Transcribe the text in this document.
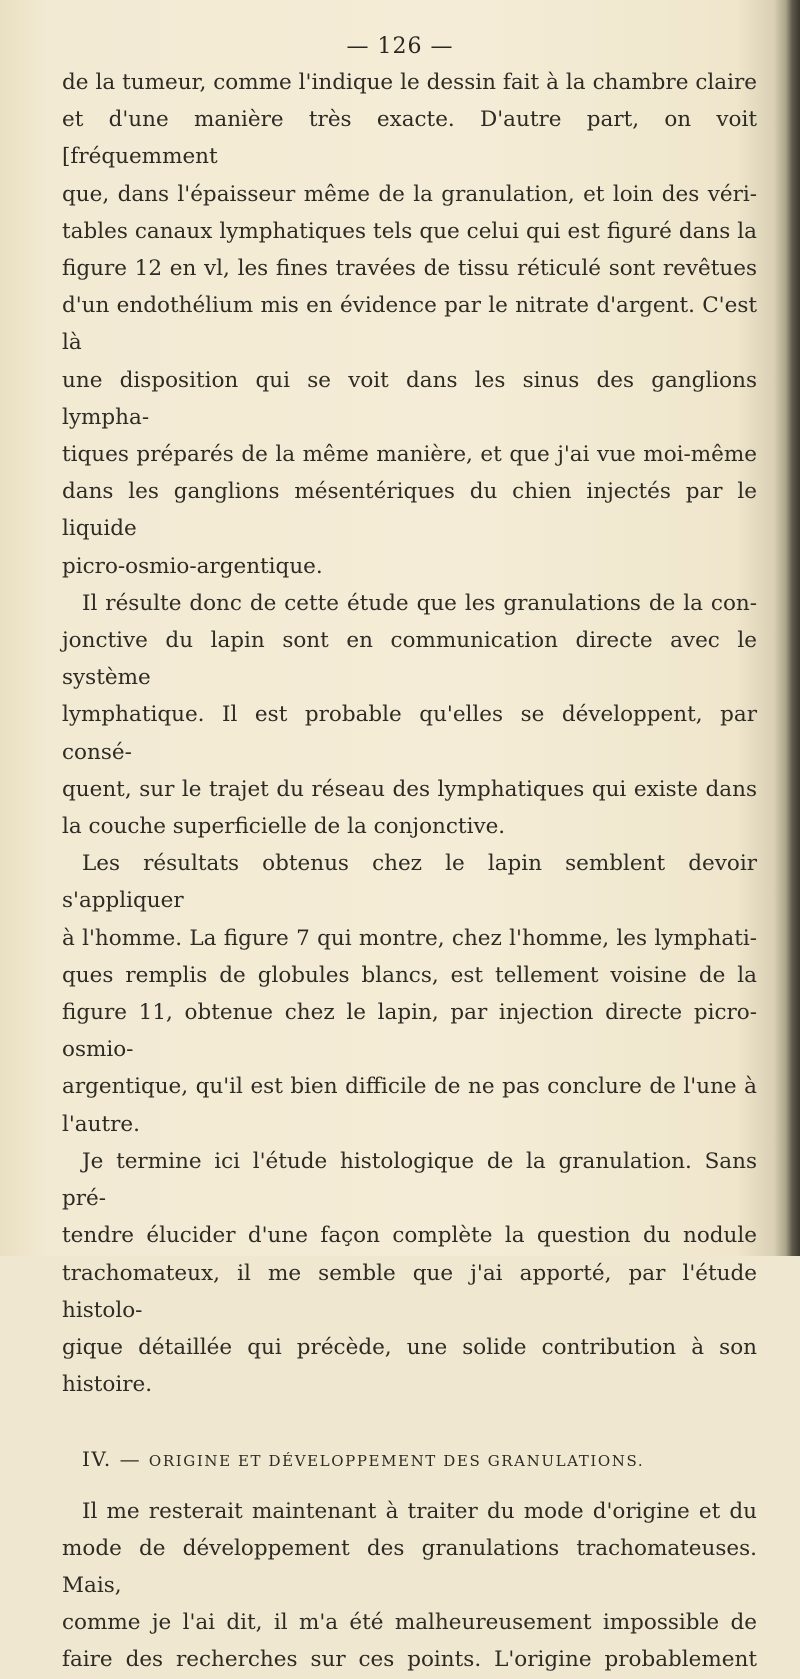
— 126 —
de la tumeur, comme l'indique le dessin fait à la chambre claire
et d'une manière très exacte. D'autre part, on voit [fréquemment
que, dans l'épaisseur même de la granulation, et loin des véri-
tables canaux lymphatiques tels que celui qui est figuré dans la
figure 12 en vl, les fines travées de tissu réticulé sont revêtues
d'un endothélium mis en évidence par le nitrate d'argent. C'est là
une disposition qui se voit dans les sinus des ganglions lympha-
tiques préparés de la même manière, et que j'ai vue moi-même
dans les ganglions mésentériques du chien injectés par le liquide
picro-osmio-argentique.
Il résulte donc de cette étude que les granulations de la con-
jonctive du lapin sont en communication directe avec le système
lymphatique. Il est probable qu'elles se développent, par consé-
quent, sur le trajet du réseau des lymphatiques qui existe dans
la couche superficielle de la conjonctive.
Les résultats obtenus chez le lapin semblent devoir s'appliquer
à l'homme. La figure 7 qui montre, chez l'homme, les lymphati-
ques remplis de globules blancs, est tellement voisine de la
figure 11, obtenue chez le lapin, par injection directe picro-osmio-
argentique, qu'il est bien difficile de ne pas conclure de l'une à
l'autre.
Je termine ici l'étude histologique de la granulation. Sans pré-
tendre élucider d'une façon complète la question du nodule
trachomateux, il me semble que j'ai apporté, par l'étude histolo-
gique détaillée qui précède, une solide contribution à son histoire.
IV. — ORIGINE ET DÉVELOPPEMENT DES GRANULATIONS.
Il me resterait maintenant à traiter du mode d'origine et du
mode de développement des granulations trachomateuses. Mais,
comme je l'ai dit, il m'a été malheureusement impossible de
faire des recherches sur ces points. L'origine probablement
